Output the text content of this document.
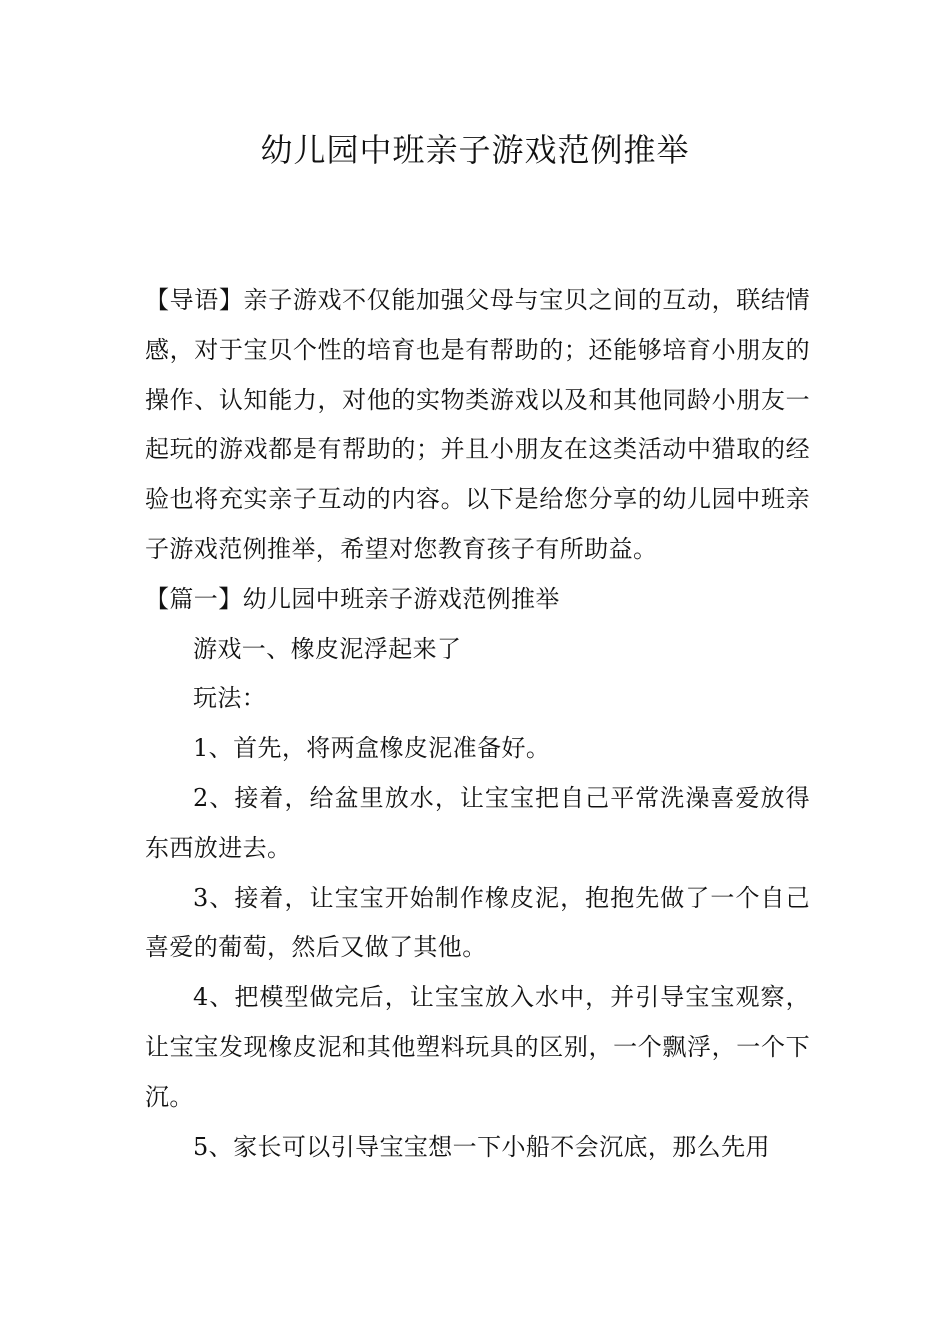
幼儿园中班亲子游戏范例推举

【导语】亲子游戏不仅能加强父母与宝贝之间的互动，联结情感，对于宝贝个性的培育也是有帮助的；还能够培育小朋友的操作、认知能力，对他的实物类游戏以及和其他同龄小朋友一起玩的游戏都是有帮助的；并且小朋友在这类活动中猎取的经验也将充实亲子互动的内容。以下是给您分享的幼儿园中班亲子游戏范例推举，希望对您教育孩子有所助益。

【篇一】幼儿园中班亲子游戏范例推举

游戏一、橡皮泥浮起来了

玩法：

1、首先，将两盒橡皮泥准备好。

2、接着，给盆里放水，让宝宝把自己平常洗澡喜爱放得东西放进去。

3、接着，让宝宝开始制作橡皮泥，抱抱先做了一个自己喜爱的葡萄，然后又做了其他。

4、把模型做完后，让宝宝放入水中，并引导宝宝观察，让宝宝发现橡皮泥和其他塑料玩具的区别，一个飘浮，一个下沉。

5、家长可以引导宝宝想一下小船不会沉底，那么先用
